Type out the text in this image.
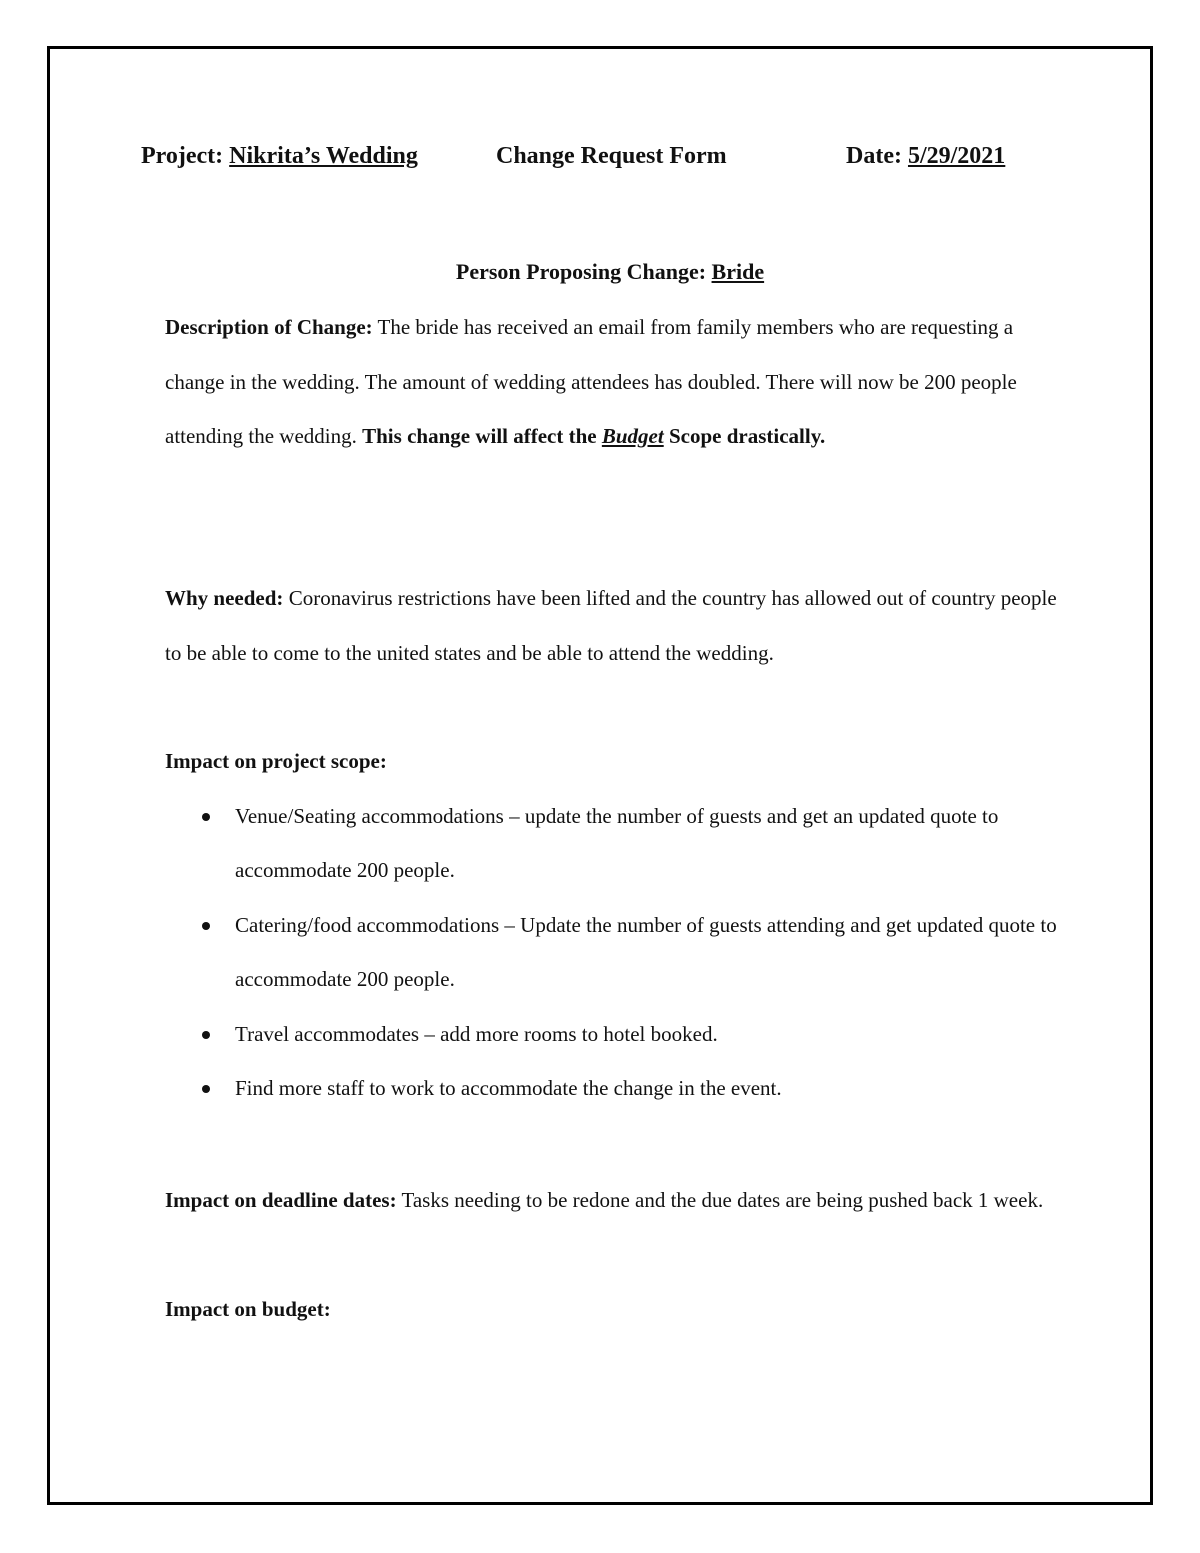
Project: Nikrita’s Wedding	Change Request Form	Date: 5/29/2021
Person Proposing Change: Bride

Description of Change: The bride has received an email from family members who are requesting a change in the wedding. The amount of wedding attendees has doubled. There will now be 200 people attending the wedding. This change will affect the Budget Scope drastically.

Why needed: Coronavirus restrictions have been lifted and the country has allowed out of country people to be able to come to the united states and be able to attend the wedding.

Impact on project scope:

Venue/Seating accommodations – update the number of guests and get an updated quote to accommodate 200 people.
Catering/food accommodations – Update the number of guests attending and get updated quote to accommodate 200 people.
Travel accommodates – add more rooms to hotel booked.
Find more staff to work to accommodate the change in the event.

Impact on deadline dates: Tasks needing to be redone and the due dates are being pushed back 1 week.

Impact on budget:
